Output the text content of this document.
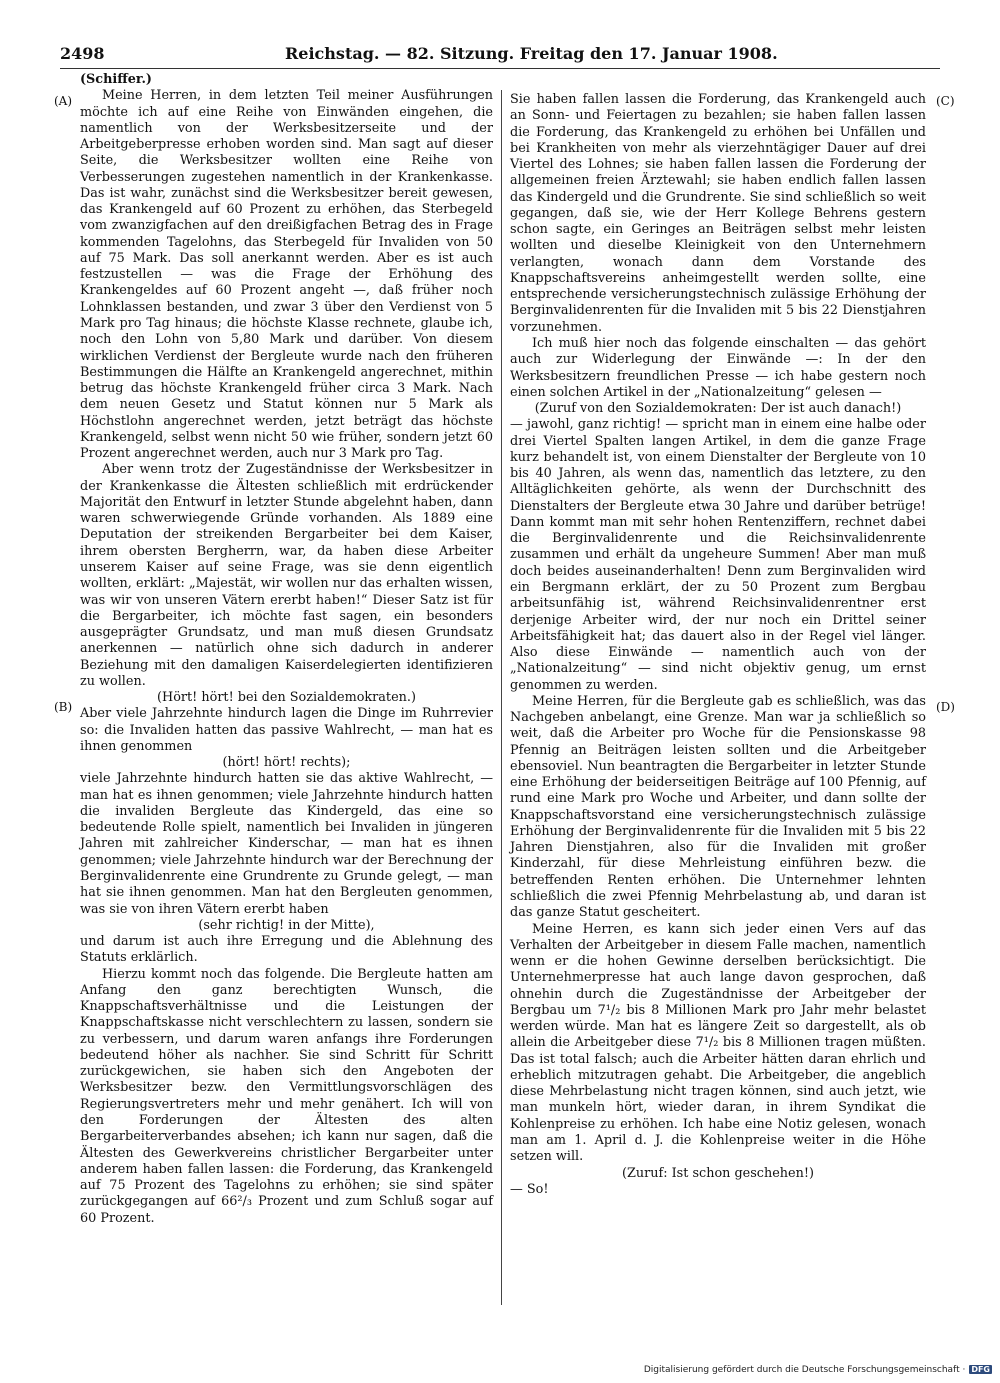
2498	Reichstag. — 82. Sitzung. Freitag den 17. Januar 1908.
(A)
(B)
(C)
(D)

(Schiffer.)

Meine Herren, in dem letzten Teil meiner Ausführungen möchte ich auf eine Reihe von Einwänden eingehen, die namentlich von der Werksbesitzerseite und der Arbeitgeberpresse erhoben worden sind. Man sagt auf dieser Seite, die Werksbesitzer wollten eine Reihe von Verbesserungen zugestehen namentlich in der Krankenkasse. Das ist wahr, zunächst sind die Werksbesitzer bereit gewesen, das Krankengeld auf 60 Prozent zu erhöhen, das Sterbegeld vom zwanzigfachen auf den dreißigfachen Betrag des in Frage kommenden Tagelohns, das Sterbegeld für Invaliden von 50 auf 75 Mark. Das soll anerkannt werden. Aber es ist auch festzustellen — was die Frage der Erhöhung des Krankengeldes auf 60 Prozent angeht —, daß früher noch Lohnklassen bestanden, und zwar 3 über den Verdienst von 5 Mark pro Tag hinaus; die höchste Klasse rechnete, glaube ich, noch den Lohn von 5,80 Mark und darüber. Von diesem wirklichen Verdienst der Bergleute wurde nach den früheren Bestimmungen die Hälfte an Krankengeld angerechnet, mithin betrug das höchste Krankengeld früher circa 3 Mark. Nach dem neuen Gesetz und Statut können nur 5 Mark als Höchstlohn angerechnet werden, jetzt beträgt das höchste Krankengeld, selbst wenn nicht 50 wie früher, sondern jetzt 60 Prozent angerechnet werden, auch nur 3 Mark pro Tag.

Aber wenn trotz der Zugeständnisse der Werksbesitzer in der Krankenkasse die Ältesten schließlich mit erdrückender Majorität den Entwurf in letzter Stunde abgelehnt haben, dann waren schwerwiegende Gründe vorhanden. Als 1889 eine Deputation der streikenden Bergarbeiter bei dem Kaiser, ihrem obersten Bergherrn, war, da haben diese Arbeiter unserem Kaiser auf seine Frage, was sie denn eigentlich wollten, erklärt: „Majestät, wir wollen nur das erhalten wissen, was wir von unseren Vätern ererbt haben!“ Dieser Satz ist für die Bergarbeiter, ich möchte fast sagen, ein besonders ausgeprägter Grundsatz, und man muß diesen Grundsatz anerkennen — natürlich ohne sich dadurch in anderer Beziehung mit den damaligen Kaiserdelegierten identifizieren zu wollen.

(Hört! hört! bei den Sozialdemokraten.)

Aber viele Jahrzehnte hindurch lagen die Dinge im Ruhrrevier so: die Invaliden hatten das passive Wahlrecht, — man hat es ihnen genommen

(hört! hört! rechts);

viele Jahrzehnte hindurch hatten sie das aktive Wahlrecht, — man hat es ihnen genommen; viele Jahrzehnte hindurch hatten die invaliden Bergleute das Kindergeld, das eine so bedeutende Rolle spielt, namentlich bei Invaliden in jüngeren Jahren mit zahlreicher Kinderschar, — man hat es ihnen genommen; viele Jahrzehnte hindurch war der Berechnung der Berginvalidenrente eine Grundrente zu Grunde gelegt, — man hat sie ihnen genommen. Man hat den Bergleuten genommen, was sie von ihren Vätern ererbt haben

(sehr richtig! in der Mitte),

und darum ist auch ihre Erregung und die Ablehnung des Statuts erklärlich.

Hierzu kommt noch das folgende. Die Bergleute hatten am Anfang den ganz berechtigten Wunsch, die Knappschaftsverhältnisse und die Leistungen der Knappschaftskasse nicht verschlechtern zu lassen, sondern sie zu verbessern, und darum waren anfangs ihre Forderungen bedeutend höher als nachher. Sie sind Schritt für Schritt zurückgewichen, sie haben sich den Angeboten der Werksbesitzer bezw. den Vermittlungsvorschlägen des Regierungsvertreters mehr und mehr genähert. Ich will von den Forderungen der Ältesten des alten Bergarbeiterverbandes absehen; ich kann nur sagen, daß die Ältesten des Gewerkvereins christlicher Bergarbeiter unter anderem haben fallen lassen: die Forderung, das Krankengeld auf 75 Prozent des Tagelohns zu erhöhen; sie sind später zurückgegangen auf 66²/₃ Prozent und zum Schluß sogar auf 60 Prozent.

Sie haben fallen lassen die Forderung, das Krankengeld auch an Sonn- und Feiertagen zu bezahlen; sie haben fallen lassen die Forderung, das Krankengeld zu erhöhen bei Unfällen und bei Krankheiten von mehr als vierzehntägiger Dauer auf drei Viertel des Lohnes; sie haben fallen lassen die Forderung der allgemeinen freien Ärztewahl; sie haben endlich fallen lassen das Kindergeld und die Grundrente. Sie sind schließlich so weit gegangen, daß sie, wie der Herr Kollege Behrens gestern schon sagte, ein Geringes an Beiträgen selbst mehr leisten wollten und dieselbe Kleinigkeit von den Unternehmern verlangten, wonach dann dem Vorstande des Knappschaftsvereins anheimgestellt werden sollte, eine entsprechende versicherungstechnisch zulässige Erhöhung der Berginvalidenrenten für die Invaliden mit 5 bis 22 Dienstjahren vorzunehmen.

Ich muß hier noch das folgende einschalten — das gehört auch zur Widerlegung der Einwände —: In der den Werksbesitzern freundlichen Presse — ich habe gestern noch einen solchen Artikel in der „Nationalzeitung“ gelesen —

(Zuruf von den Sozialdemokraten: Der ist auch danach!)

— jawohl, ganz richtig! — spricht man in einem eine halbe oder drei Viertel Spalten langen Artikel, in dem die ganze Frage kurz behandelt ist, von einem Dienstalter der Bergleute von 10 bis 40 Jahren, als wenn das, namentlich das letztere, zu den Alltäglichkeiten gehörte, als wenn der Durchschnitt des Dienstalters der Bergleute etwa 30 Jahre und darüber betrüge! Dann kommt man mit sehr hohen Rentenziffern, rechnet dabei die Berginvalidenrente und die Reichsinvalidenrente zusammen und erhält da ungeheure Summen! Aber man muß doch beides auseinanderhalten! Denn zum Berginvaliden wird ein Bergmann erklärt, der zu 50 Prozent zum Bergbau arbeitsunfähig ist, während Reichsinvalidenrentner erst derjenige Arbeiter wird, der nur noch ein Drittel seiner Arbeitsfähigkeit hat; das dauert also in der Regel viel länger. Also diese Einwände — namentlich auch von der „Nationalzeitung“ — sind nicht objektiv genug, um ernst genommen zu werden.

Meine Herren, für die Bergleute gab es schließlich, was das Nachgeben anbelangt, eine Grenze. Man war ja schließlich so weit, daß die Arbeiter pro Woche für die Pensionskasse 98 Pfennig an Beiträgen leisten sollten und die Arbeitgeber ebensoviel. Nun beantragten die Bergarbeiter in letzter Stunde eine Erhöhung der beiderseitigen Beiträge auf 100 Pfennig, auf rund eine Mark pro Woche und Arbeiter, und dann sollte der Knappschaftsvorstand eine versicherungstechnisch zulässige Erhöhung der Berginvalidenrente für die Invaliden mit 5 bis 22 Jahren Dienstjahren, also für die Invaliden mit großer Kinderzahl, für diese Mehrleistung einführen bezw. die betreffenden Renten erhöhen. Die Unternehmer lehnten schließlich die zwei Pfennig Mehrbelastung ab, und daran ist das ganze Statut gescheitert.

Meine Herren, es kann sich jeder einen Vers auf das Verhalten der Arbeitgeber in diesem Falle machen, namentlich wenn er die hohen Gewinne derselben berücksichtigt. Die Unternehmerpresse hat auch lange davon gesprochen, daß ohnehin durch die Zugeständnisse der Arbeitgeber der Bergbau um 7¹/₂ bis 8 Millionen Mark pro Jahr mehr belastet werden würde. Man hat es längere Zeit so dargestellt, als ob allein die Arbeitgeber diese 7¹/₂ bis 8 Millionen tragen müßten. Das ist total falsch; auch die Arbeiter hätten daran ehrlich und erheblich mitzutragen gehabt. Die Arbeitgeber, die angeblich diese Mehrbelastung nicht tragen können, sind auch jetzt, wie man munkeln hört, wieder daran, in ihrem Syndikat die Kohlenpreise zu erhöhen. Ich habe eine Notiz gelesen, wonach man am 1. April d. J. die Kohlenpreise weiter in die Höhe setzen will.

(Zuruf: Ist schon geschehen!)

— So!

Digitalisierung gefördert durch die Deutsche Forschungsgemeinschaft · DFG
